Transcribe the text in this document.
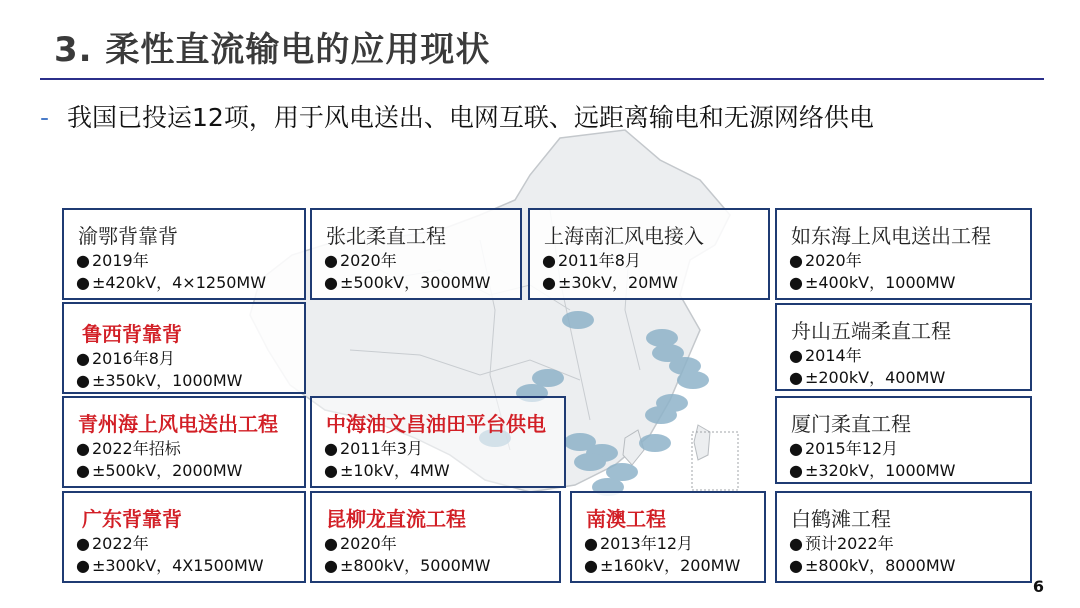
3. 柔性直流输电的应用现状
- 我国已投运12项，用于风电送出、电网互联、远距离输电和无源网络供电
渝鄂背靠背
● 2019年
● ±420kV，4×1250MW
张北柔直工程
● 2020年
● ±500kV，3000MW
上海南汇风电接入
● 2011年8月
● ±30kV，20MW
如东海上风电送出工程
● 2020年
● ±400kV，1000MW
鲁西背靠背
● 2016年8月
● ±350kV，1000MW
舟山五端柔直工程
● 2014年
● ±200kV，400MW
青州海上风电送出工程
● 2022年招标
● ±500kV，2000MW
中海油文昌油田平台供电
● 2011年3月
● ±10kV，4MW
厦门柔直工程
● 2015年12月
● ±320kV，1000MW
广东背靠背
● 2022年
● ±300kV，4X1500MW
昆柳龙直流工程
● 2020年
● ±800kV，5000MW
南澳工程
● 2013年12月
● ±160kV，200MW
白鹤滩工程
● 预计2022年
● ±800kV，8000MW
6
